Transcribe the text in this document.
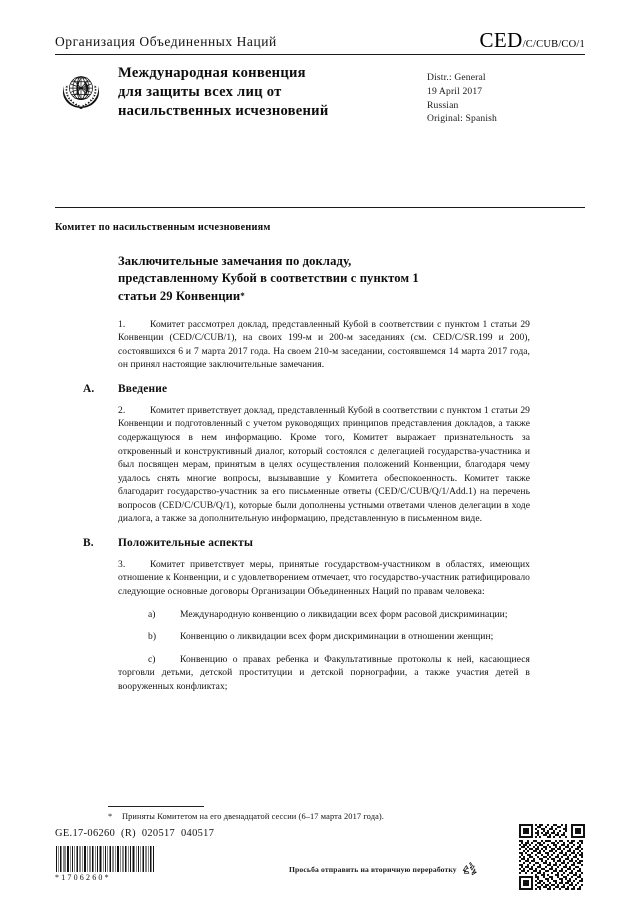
Организация Объединенных Наций	CED/C/CUB/CO/1
Международная конвенция
для защиты всех лиц от
насильственных исчезновений
Distr.: General
19 April 2017
Russian
Original: Spanish
Комитет по насильственным исчезновениям
Заключительные замечания по докладу,
представленному Кубой в соответствии с пунктом 1
статьи 29 Конвенции*

1.	Комитет рассмотрел доклад, представленный Кубой в соответствии с пунктом 1 статьи 29 Конвенции (CED/C/CUB/1), на своих 199-м и 200-м заседаниях (см. CED/C/SR.199 и 200), состоявшихся 6 и 7 марта 2017 года. На своем 210-м заседании, состоявшемся 14 марта 2017 года, он принял настоящие заключительные замечания.

A. Введение

2.	Комитет приветствует доклад, представленный Кубой в соответствии с пунктом 1 статьи 29 Конвенции и подготовленный с учетом руководящих принципов представления докладов, а также содержащуюся в нем информацию. Кроме того, Комитет выражает признательность за откровенный и конструктивный диалог, который состоялся с делегацией государства-участника и был посвящен мерам, принятым в целях осуществления положений Конвенции, благодаря чему удалось снять многие вопросы, вызывавшие у Комитета обеспокоенность. Комитет также благодарит государство-участник за его письменные ответы (CED/C/CUB/Q/1/Add.1) на перечень вопросов (CED/C/CUB/Q/1), которые были дополнены устными ответами членов делегации в ходе диалога, а также за дополнительную информацию, представленную в письменном виде.

B. Положительные аспекты

3.	Комитет приветствует меры, принятые государством-участником в областях, имеющих отношение к Конвенции, и с удовлетворением отмечает, что государство-участник ратифицировало следующие основные договоры Организации Объединенных Наций по правам человека:

a)	Международную конвенцию о ликвидации всех форм расовой дискриминации;

b)	Конвенцию о ликвидации всех форм дискриминации в отношении женщин;

c)	Конвенцию о правах ребенка и Факультативные протоколы к ней, касающиеся торговли детьми, детской проституции и детской порнографии, а также участия детей в вооруженных конфликтах;

* Приняты Комитетом на его двенадцатой сессии (6–17 марта 2017 года).
GE.17-06260  (R)  020517  040517
*1706260*
Просьба отправить на вторичную переработку
